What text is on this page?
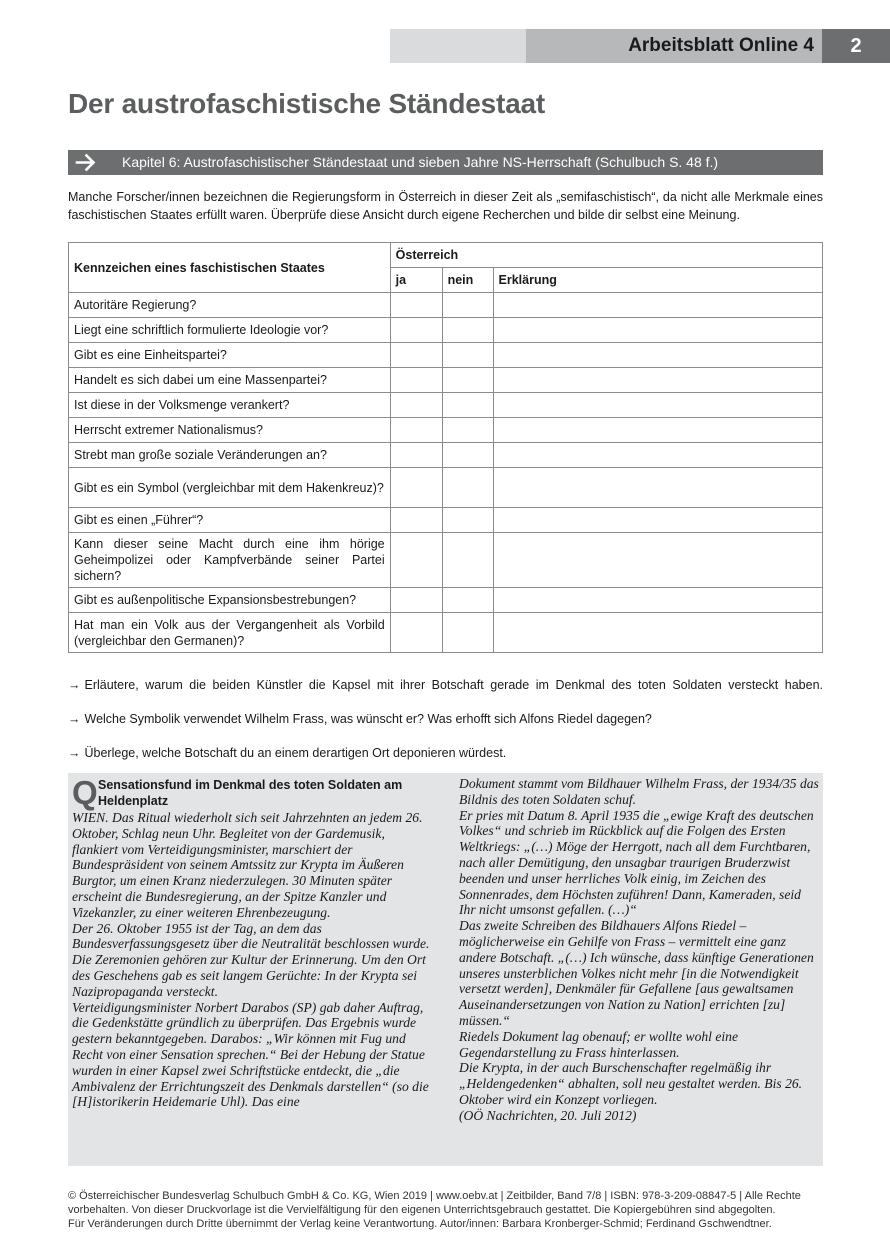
Arbeitsblatt Online 4	2
Der austrofaschistische Ständestaat
Kapitel 6: Austrofaschistischer Ständestaat und sieben Jahre NS-Herrschaft (Schulbuch S. 48 f.)

Manche Forscher/innen bezeichnen die Regierungsform in Österreich in dieser Zeit als „semifaschistisch“, da nicht alle Merkmale eines faschistischen Staates erfüllt waren. Überprüfe diese Ansicht durch eigene Recherchen und bilde dir selbst eine Meinung.

Kennzeichen eines faschistischen Staates	Österreich		
	ja	nein	Erklärung
Autoritäre Regierung?			
Liegt eine schriftlich formulierte Ideologie vor?			
Gibt es eine Einheitspartei?			
Handelt es sich dabei um eine Massenpartei?			
Ist diese in der Volksmenge verankert?			
Herrscht extremer Nationalismus?			
Strebt man große soziale Veränderungen an?			
Gibt es ein Symbol (vergleichbar mit dem Hakenkreuz)?			
Gibt es einen „Führer“?			
Kann dieser seine Macht durch eine ihm hörige Geheimpolizei oder Kampfverbände seiner Partei sichern?			
Gibt es außenpolitische Expansionsbestrebungen?			
Hat man ein Volk aus der Vergangenheit als Vorbild (vergleichbar den Germanen)?			

→ Erläutere, warum die beiden Künstler die Kapsel mit ihrer Botschaft gerade im Denkmal des toten Soldaten versteckt haben.

→ Welche Symbolik verwendet Wilhelm Frass, was wünscht er? Was erhofft sich Alfons Riedel dagegen?

→ Überlege, welche Botschaft du an einem derartigen Ort deponieren würdest.

Q Sensationsfund im Denkmal des toten Soldaten am Heldenplatz

WIEN. Das Ritual wiederholt sich seit Jahrzehnten an jedem 26. Oktober, Schlag neun Uhr. Begleitet von der Gardemusik, flankiert vom Verteidigungsminister, marschiert der Bundespräsident von seinem Amtssitz zur Krypta im Äußeren Burgtor, um einen Kranz niederzulegen. 30 Minuten später erscheint die Bundesregierung, an der Spitze Kanzler und Vizekanzler, zu einer weiteren Ehrenbezeugung.

Der 26. Oktober 1955 ist der Tag, an dem das Bundesverfassungsgesetz über die Neutralität beschlossen wurde. Die Zeremonien gehören zur Kultur der Erinnerung. Um den Ort des Geschehens gab es seit langem Gerüchte: In der Krypta sei Nazipropaganda versteckt.

Verteidigungsminister Norbert Darabos (SP) gab daher Auftrag, die Gedenkstätte gründlich zu überprüfen. Das Ergebnis wurde gestern bekanntgegeben. Darabos: „Wir können mit Fug und Recht von einer Sensation sprechen.“ Bei der Hebung der Statue wurden in einer Kapsel zwei Schriftstücke entdeckt, die „die Ambivalenz der Errichtungszeit des Denkmals darstellen“ (so die [H]istorikerin Heidemarie Uhl). Das eine

Dokument stammt vom Bildhauer Wilhelm Frass, der 1934/35 das Bildnis des toten Soldaten schuf.

Er pries mit Datum 8. April 1935 die „ewige Kraft des deutschen Volkes“ und schrieb im Rückblick auf die Folgen des Ersten Weltkriegs: „(…) Möge der Herrgott, nach all dem Furchtbaren, nach aller Demütigung, den unsagbar traurigen Bruderzwist beenden und unser herrliches Volk einig, im Zeichen des Sonnenrades, dem Höchsten zuführen! Dann, Kameraden, seid Ihr nicht umsonst gefallen. (…)“

Das zweite Schreiben des Bildhauers Alfons Riedel – möglicherweise ein Gehilfe von Frass – vermittelt eine ganz andere Botschaft. „(…) Ich wünsche, dass künftige Generationen unseres unsterblichen Volkes nicht mehr [in die Notwendigkeit versetzt werden], Denkmäler für Gefallene [aus gewaltsamen Auseinandersetzungen von Nation zu Nation] errichten [zu] müssen.“

Riedels Dokument lag obenauf; er wollte wohl eine Gegendarstellung zu Frass hinterlassen.

Die Krypta, in der auch Burschenschafter regelmäßig ihr „Heldengedenken“ abhalten, soll neu gestaltet werden. Bis 26. Oktober wird ein Konzept vorliegen.

(OÖ Nachrichten, 20. Juli 2012)

© Österreichischer Bundesverlag Schulbuch GmbH & Co. KG, Wien 2019 | www.oebv.at | Zeitbilder, Band 7/8 | ISBN: 978-3-209-08847-5 | Alle Rechte
vorbehalten. Von dieser Druckvorlage ist die Vervielfältigung für den eigenen Unterrichtsgebrauch gestattet. Die Kopiergebühren sind abgegolten.
Für Veränderungen durch Dritte übernimmt der Verlag keine Verantwortung. Autor/innen: Barbara Kronberger-Schmid; Ferdinand Gschwendtner.
